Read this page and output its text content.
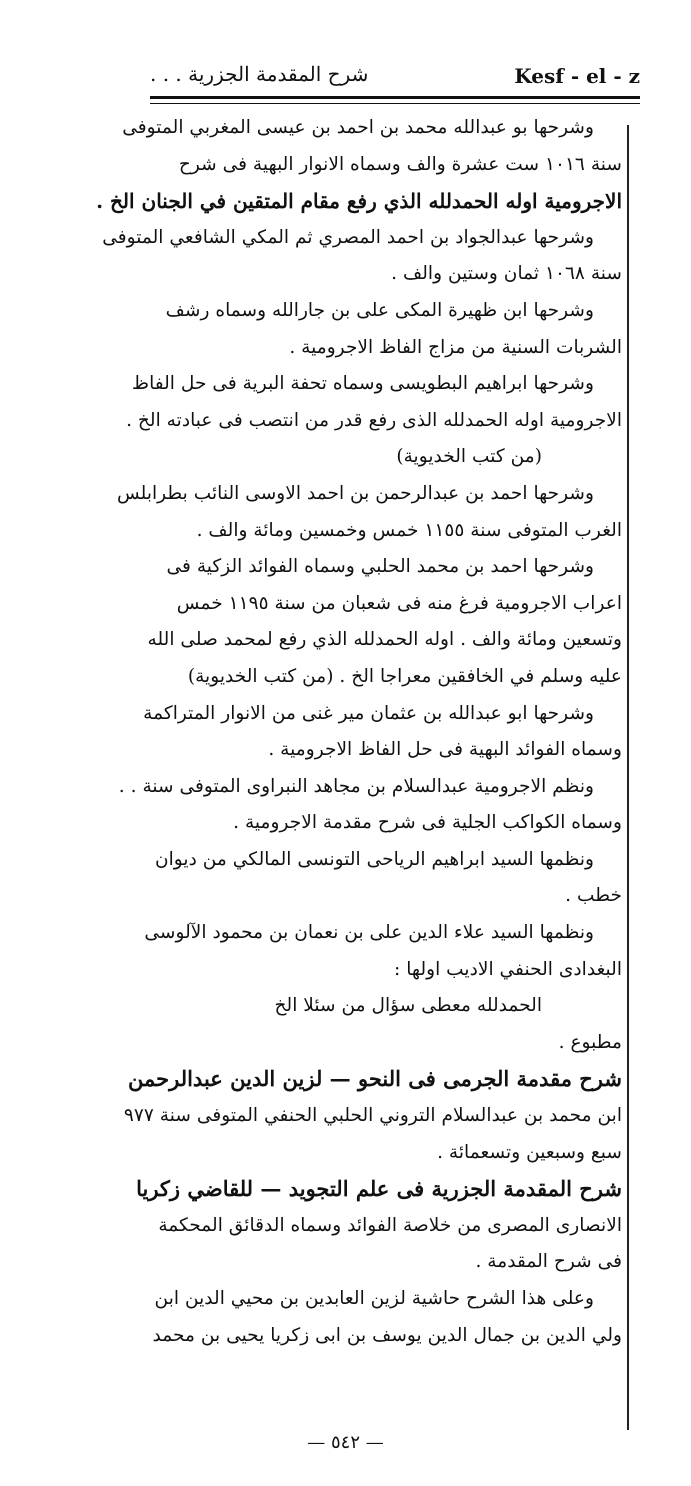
شرح المقدمة الجزرية . . .	Kesf - el - z
وشرحها بو عبدالله محمد بن احمد بن عيسى المغربي المتوفى
سنة ١٠١٦ ست عشرة والف وسماه الانوار البهية فى شرح
الاجرومية اوله الحمدلله الذي رفع مقام المتقين في الجنان الخ .
وشرحها عبدالجواد بن احمد المصري ثم المكي الشافعي المتوفى
سنة ١٠٦٨ ثمان وستين والف .
وشرحها ابن ظهيرة المكى على بن جارالله وسماه رشف
الشربات السنية من مزاج الفاظ الاجرومية .
وشرحها ابراهيم البطويسى وسماه تحفة البرية فى حل الفاظ
الاجرومية اوله الحمدلله الذى رفع قدر من انتصب فى عبادته الخ .
(من كتب الخديوية)
وشرحها احمد بن عبدالرحمن بن احمد الاوسى النائب بطرابلس
الغرب المتوفى سنة ١١٥٥ خمس وخمسين ومائة والف .
وشرحها احمد بن محمد الحلبي وسماه الفوائد الزكية فى
اعراب الاجرومية فرغ منه فى شعبان من سنة ١١٩٥ خمس
وتسعين ومائة والف . اوله الحمدلله الذي رفع لمحمد صلى الله
عليه وسلم في الخافقين معراجا الخ . (من كتب الخديوية)
وشرحها ابو عبدالله بن عثمان مير غنى من الانوار المتراكمة
وسماه الفوائد البهية فى حل الفاظ الاجرومية .
ونظم الاجرومية عبدالسلام بن مجاهد النبراوى المتوفى سنة . .
وسماه الكواكب الجلية فى شرح مقدمة الاجرومية .
ونظمها السيد ابراهيم الرياحى التونسى المالكي من ديوان
خطب .
ونظمها السيد علاء الدين على بن نعمان بن محمود الآلوسى
البغدادى الحنفي الاديب اولها :
الحمدلله معطى سؤال من سئلا الخ
مطبوع .
شرح مقدمة الجرمى فى النحو — لزين الدين عبدالرحمن
ابن محمد بن عبدالسلام التروني الحلبي الحنفي المتوفى سنة ٩٧٧
سبع وسبعين وتسعمائة .
شرح المقدمة الجزرية فى علم التجويد — للقاضي زكريا
الانصارى المصرى من خلاصة الفوائد وسماه الدقائق المحكمة
فى شرح المقدمة .
وعلى هذا الشرح حاشية لزين العابدين بن محيي الدين ابن
ولي الدين بن جمال الدين يوسف بن ابى زكريا يحيى بن محمد
— ٥٤٢ —
